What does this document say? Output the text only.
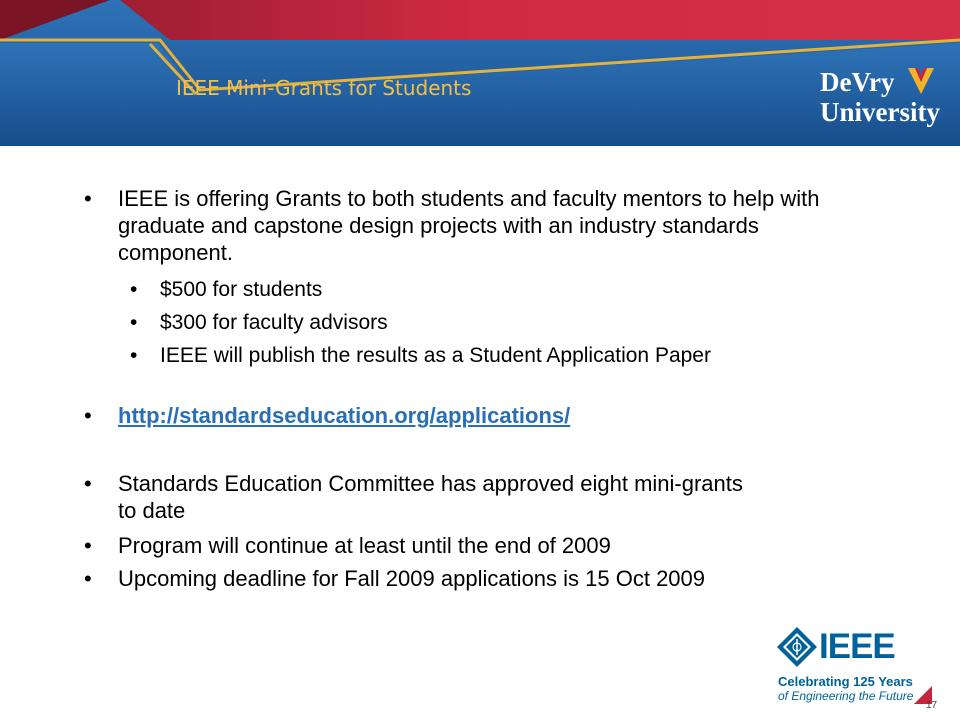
IEEE Mini-Grants for Students	DeVry
University
• IEEE is offering Grants to both students and faculty mentors to help with graduate and capstone design projects with an industry standards component.
• $500 for students
• $300 for faculty advisors
• IEEE will publish the results as a Student Application Paper
• http://standardseducation.org/applications/
• Standards Education Committee has approved eight mini-grants to date
• Program will continue at least until the end of 2009
• Upcoming deadline for Fall 2009 applications is 15 Oct 2009
IEEE
Celebrating 125 Years
of Engineering the Future
17
